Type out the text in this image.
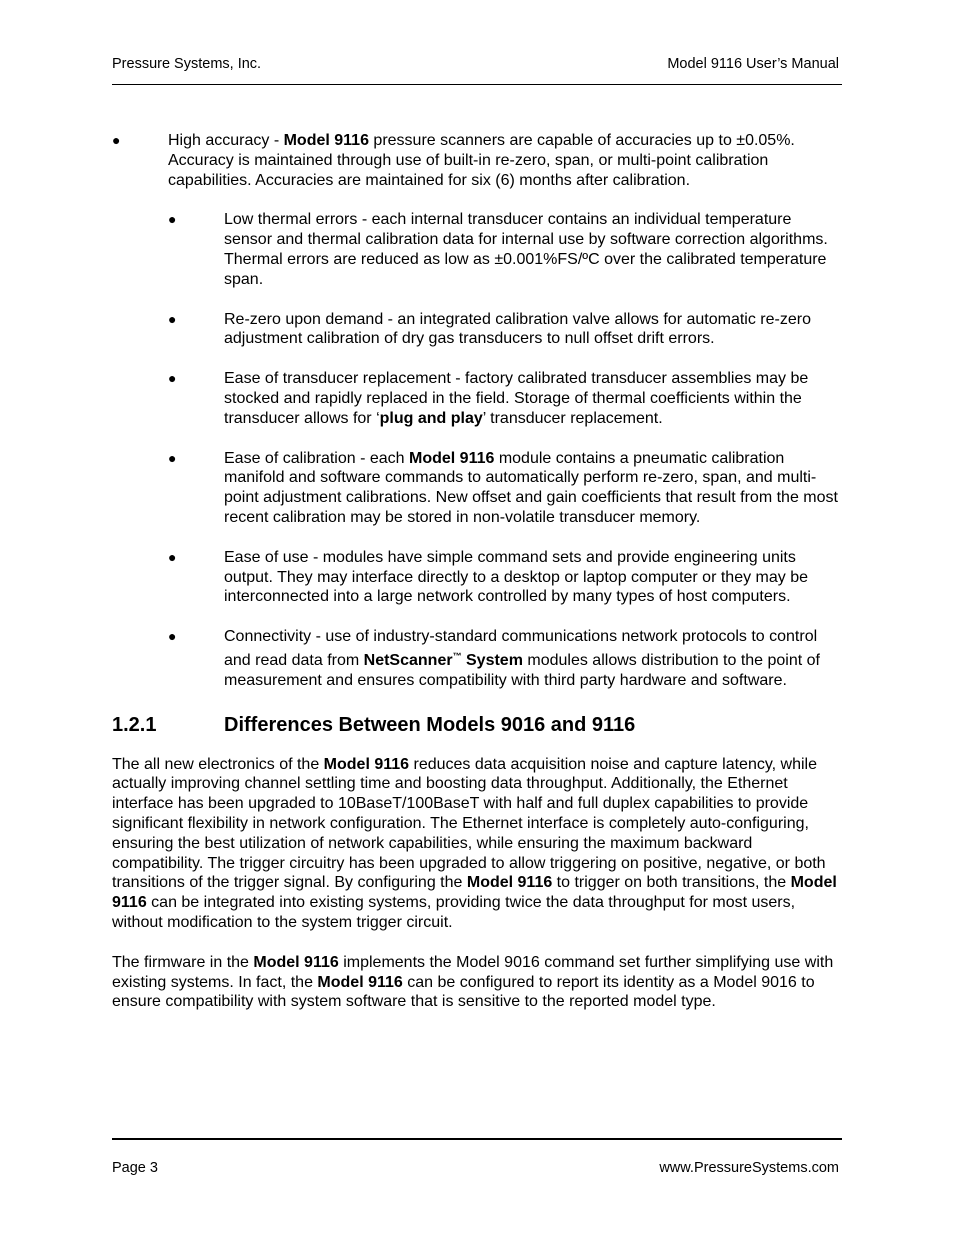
Pressure Systems, Inc.	Model 9116 User’s Manual
●	High accuracy - Model 9116 pressure scanners are capable of accuracies up to ±0.05%. Accuracy is maintained through use of built-in re-zero, span, or multi-point calibration capabilities. Accuracies are maintained for six (6) months after calibration.
●	Low thermal errors - each internal transducer contains an individual temperature sensor and thermal calibration data for internal use by software correction algorithms. Thermal errors are reduced as low as ±0.001%FS/ºC over the calibrated temperature span.
●	Re-zero upon demand - an integrated calibration valve allows for automatic re-zero adjustment calibration of dry gas transducers to null offset drift errors.
●	Ease of transducer replacement - factory calibrated transducer assemblies may be stocked and rapidly replaced in the field. Storage of thermal coefficients within the transducer allows for ‘plug and play’ transducer replacement.
●	Ease of calibration - each Model 9116 module contains a pneumatic calibration manifold and software commands to automatically perform re-zero, span, and multi-point adjustment calibrations. New offset and gain coefficients that result from the most recent calibration may be stored in non-volatile transducer memory.
●	Ease of use - modules have simple command sets and provide engineering units output. They may interface directly to a desktop or laptop computer or they may be interconnected into a large network controlled by many types of host computers.
●	Connectivity - use of industry-standard communications network protocols to control and read data from NetScanner™ System modules allows distribution to the point of measurement and ensures compatibility with third party hardware and software.
1.2.1	Differences Between Models 9016 and 9116
The all new electronics of the Model 9116 reduces data acquisition noise and capture latency, while actually improving channel settling time and boosting data throughput. Additionally, the Ethernet interface has been upgraded to 10BaseT/100BaseT with half and full duplex capabilities to provide significant flexibility in network configuration. The Ethernet interface is completely auto-configuring, ensuring the best utilization of network capabilities, while ensuring the maximum backward compatibility. The trigger circuitry has been upgraded to allow triggering on positive, negative, or both transitions of the trigger signal. By configuring the Model 9116 to trigger on both transitions, the Model 9116 can be integrated into existing systems, providing twice the data throughput for most users, without modification to the system trigger circuit.
The firmware in the Model 9116 implements the Model 9016 command set further simplifying use with existing systems. In fact, the Model 9116 can be configured to report its identity as a Model 9016 to ensure compatibility with system software that is sensitive to the reported model type.
Page 3	www.PressureSystems.com
